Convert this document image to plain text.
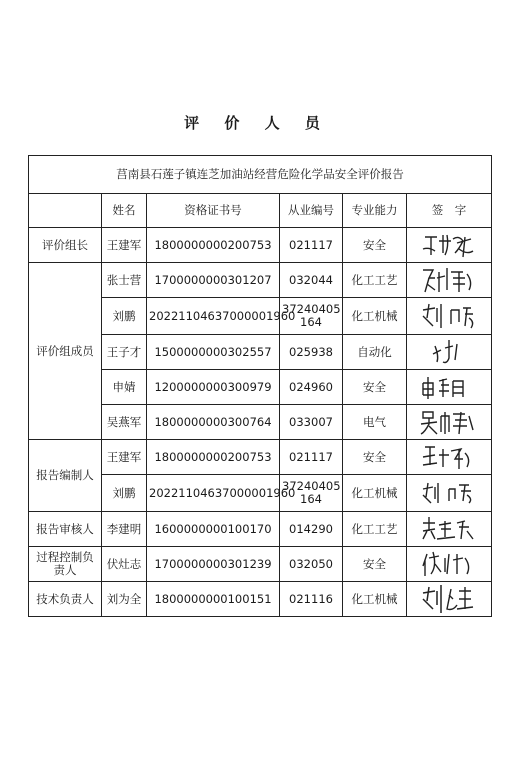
评 价 人 员
莒南县石莲子镇连芝加油站经营危险化学品安全评价报告					
	姓名	资格证书号	从业编号	专业能力	签　字
评价组长	王建军	1800000000200753	021117	安全	

评价组成员	张士营	1700000000301207	032044	化工工艺	

	刘鹏	20221104637000001960	37240405
164	化工机械	

	王子才	1500000000302557	025938	自动化	

	申婧	1200000000300979	024960	安全	

	吴燕军	1800000000300764	033007	电气	

报告编制人	王建军	1800000000200753	021117	安全	

	刘鹏	20221104637000001960	37240405
164	化工机械	

报告审核人	李建明	1600000000100170	014290	化工工艺	

过程控制负
责人	伏灶志	1700000000301239	032050	安全	

技术负责人	刘为全	1800000000100151	021116	化工机械	
